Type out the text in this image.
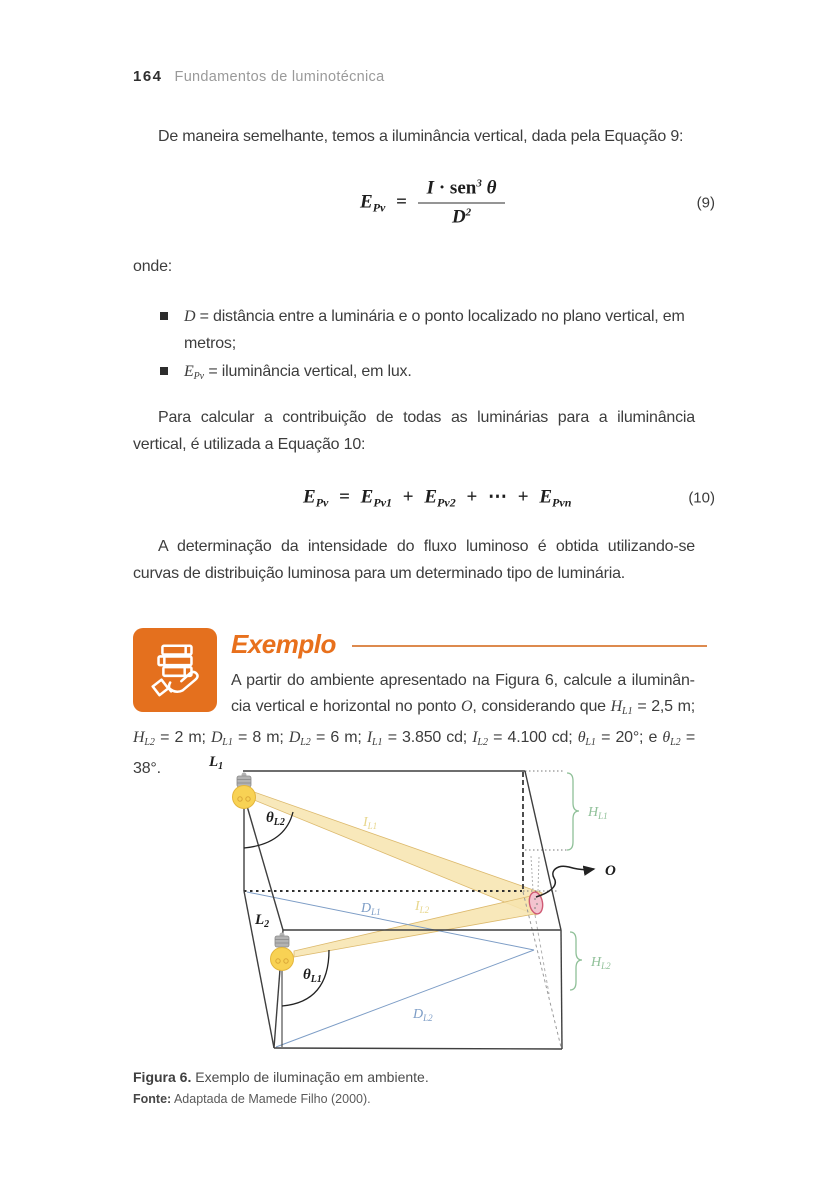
164 Fundamentos de luminotécnica

De maneira semelhante, temos a iluminância vertical, dada pela Equação 9:

$E_{Pv} = \frac{I \cdot sen^3 \theta}{D^2}$	(9)

onde:

D = distância entre a luminária e o ponto localizado no plano vertical, em metros;
$E_{Pv}$ = iluminância vertical, em lux.

Para calcular a contribuição de todas as luminárias para a iluminância vertical, é utilizada a Equação 10:

$E_{Pv} = E_{Pv1} + E_{Pv2}$ + ⋯ + $E_{Pvn}$	(10)

A determinação da intensidade do fluxo luminoso é obtida utilizando-se curvas de distribuição luminosa para um determinado tipo de luminária.

Exemplo

A partir do ambiente apresentado na Figura 6, calcule a iluminância vertical e horizontal no ponto O, considerando que $H_{L1} = 2,5$ m; $H_{L2} = 2$ m; $D_{L1} = 8$ m; $D_{L2} = 6$ m; $I_{L1} = 3.850$ cd; $I_{L2} = 4.100$ cd; $\theta_{L1} = 20^\circ$; e $\theta_{L2} = 38^\circ$.	$L_1$
$L_2$
$\theta_{L2}$
$\theta_{L1}$
$I_{L1}$
$I_{L2}$
$D_{L1}$
$D_{L2}$
$H_{L1}$
$H_{L2}$
O

Figura 6. Exemplo de iluminação em ambiente.

Fonte: Adaptada de Mamede Filho (2000).
